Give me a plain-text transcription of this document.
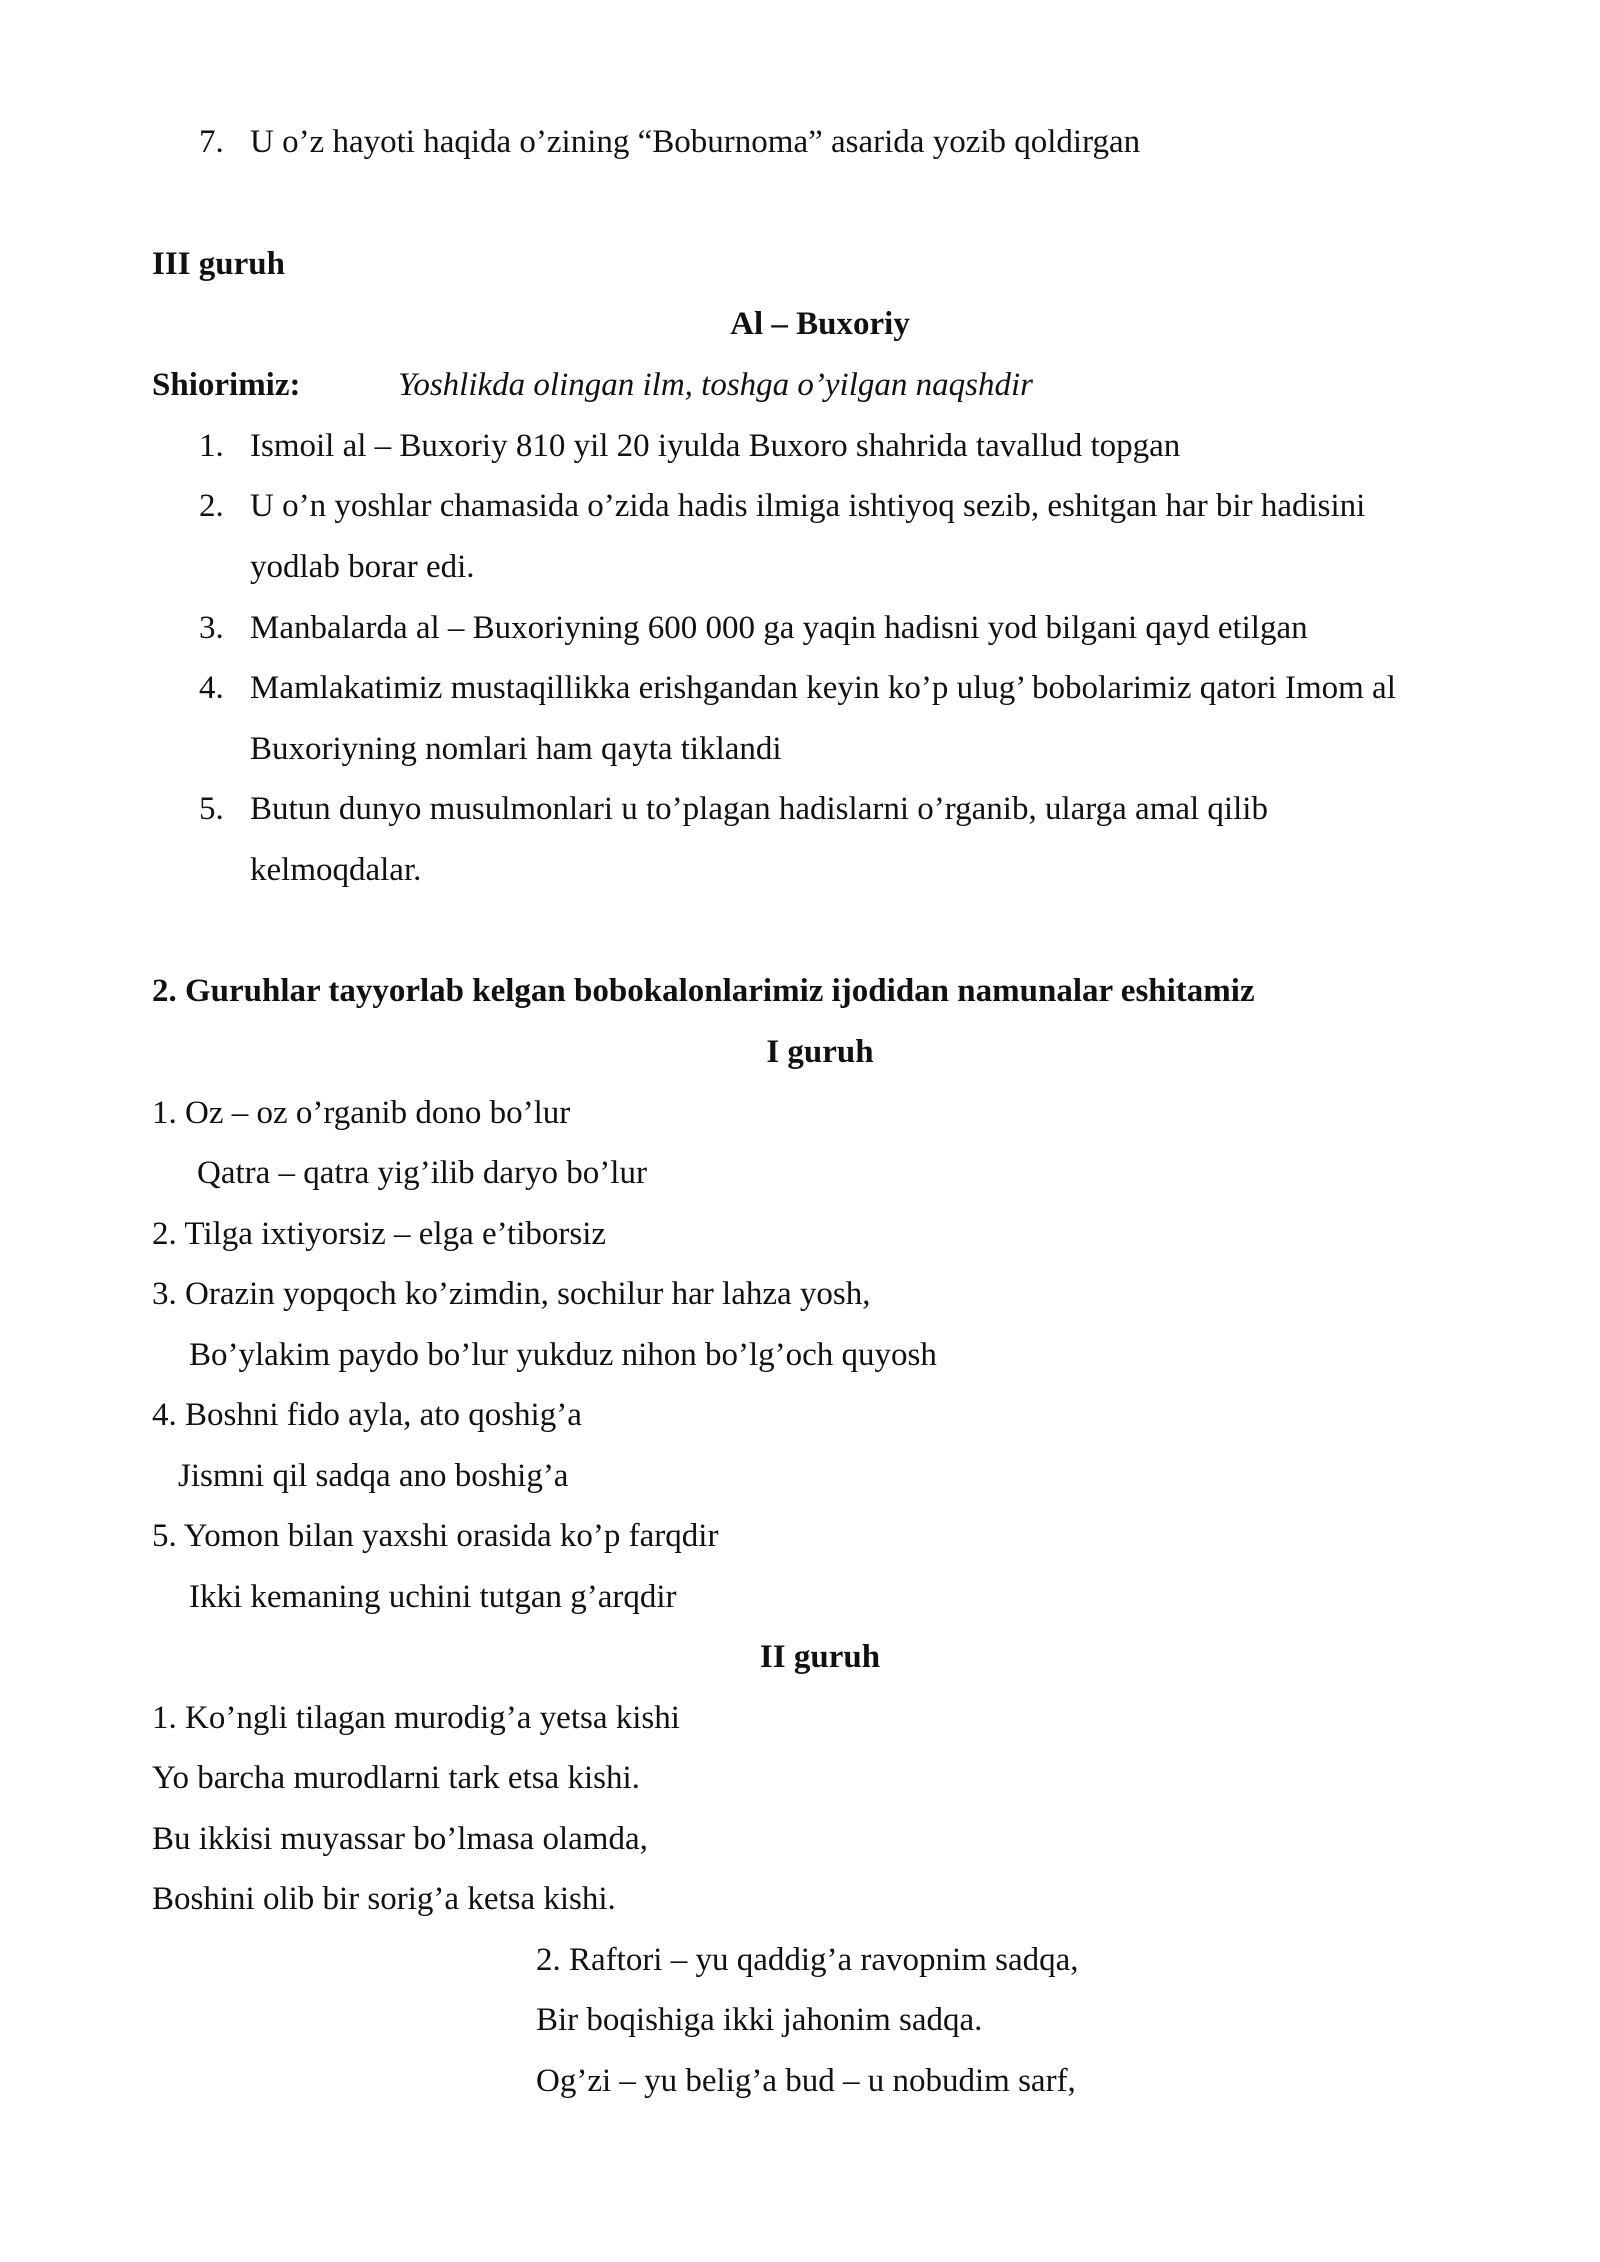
7. U o’z hayoti haqida o’zining “Boburnoma” asarida yozib qoldirgan
III guruh
Al – Buxoriy
Shiorimiz:	Yoshlikda olingan ilm, toshga o’yilgan naqshdir
1. Ismoil al – Buxoriy 810 yil 20 iyulda Buxoro shahrida tavallud topgan
2. U o’n yoshlar chamasida o’zida hadis ilmiga ishtiyoq sezib, eshitgan har bir hadisini
yodlab borar edi.
3. Manbalarda al – Buxoriyning 600 000 ga yaqin hadisni yod bilgani qayd etilgan
4. Mamlakatimiz mustaqillikka erishgandan keyin ko’p ulug’ bobolarimiz qatori Imom al
Buxoriyning nomlari ham qayta tiklandi
5. Butun dunyo musulmonlari u to’plagan hadislarni o’rganib, ularga amal qilib
kelmoqdalar.
2. Guruhlar tayyorlab kelgan bobokalonlarimiz ijodidan namunalar eshitamiz
I guruh
1. Oz – oz o’rganib dono bo’lur
Qatra – qatra yig’ilib daryo bo’lur
2. Tilga ixtiyorsiz – elga e’tiborsiz
3. Orazin yopqoch ko’zimdin, sochilur har lahza yosh,
Bo’ylakim paydo bo’lur yukduz nihon bo’lg’och quyosh
4. Boshni fido ayla, ato qoshig’a
Jismni qil sadqa ano boshig’a
5. Yomon bilan yaxshi orasida ko’p farqdir
Ikki kemaning uchini tutgan g’arqdir
II guruh
1. Ko’ngli tilagan murodig’a yetsa kishi
Yo barcha murodlarni tark etsa kishi.
Bu ikkisi muyassar bo’lmasa olamda,
Boshini olib bir sorig’a ketsa kishi.
2. Raftori – yu qaddig’a ravopnim sadqa,
Bir boqishiga ikki jahonim sadqa.
Og’zi – yu belig’a bud – u nobudim sarf,
